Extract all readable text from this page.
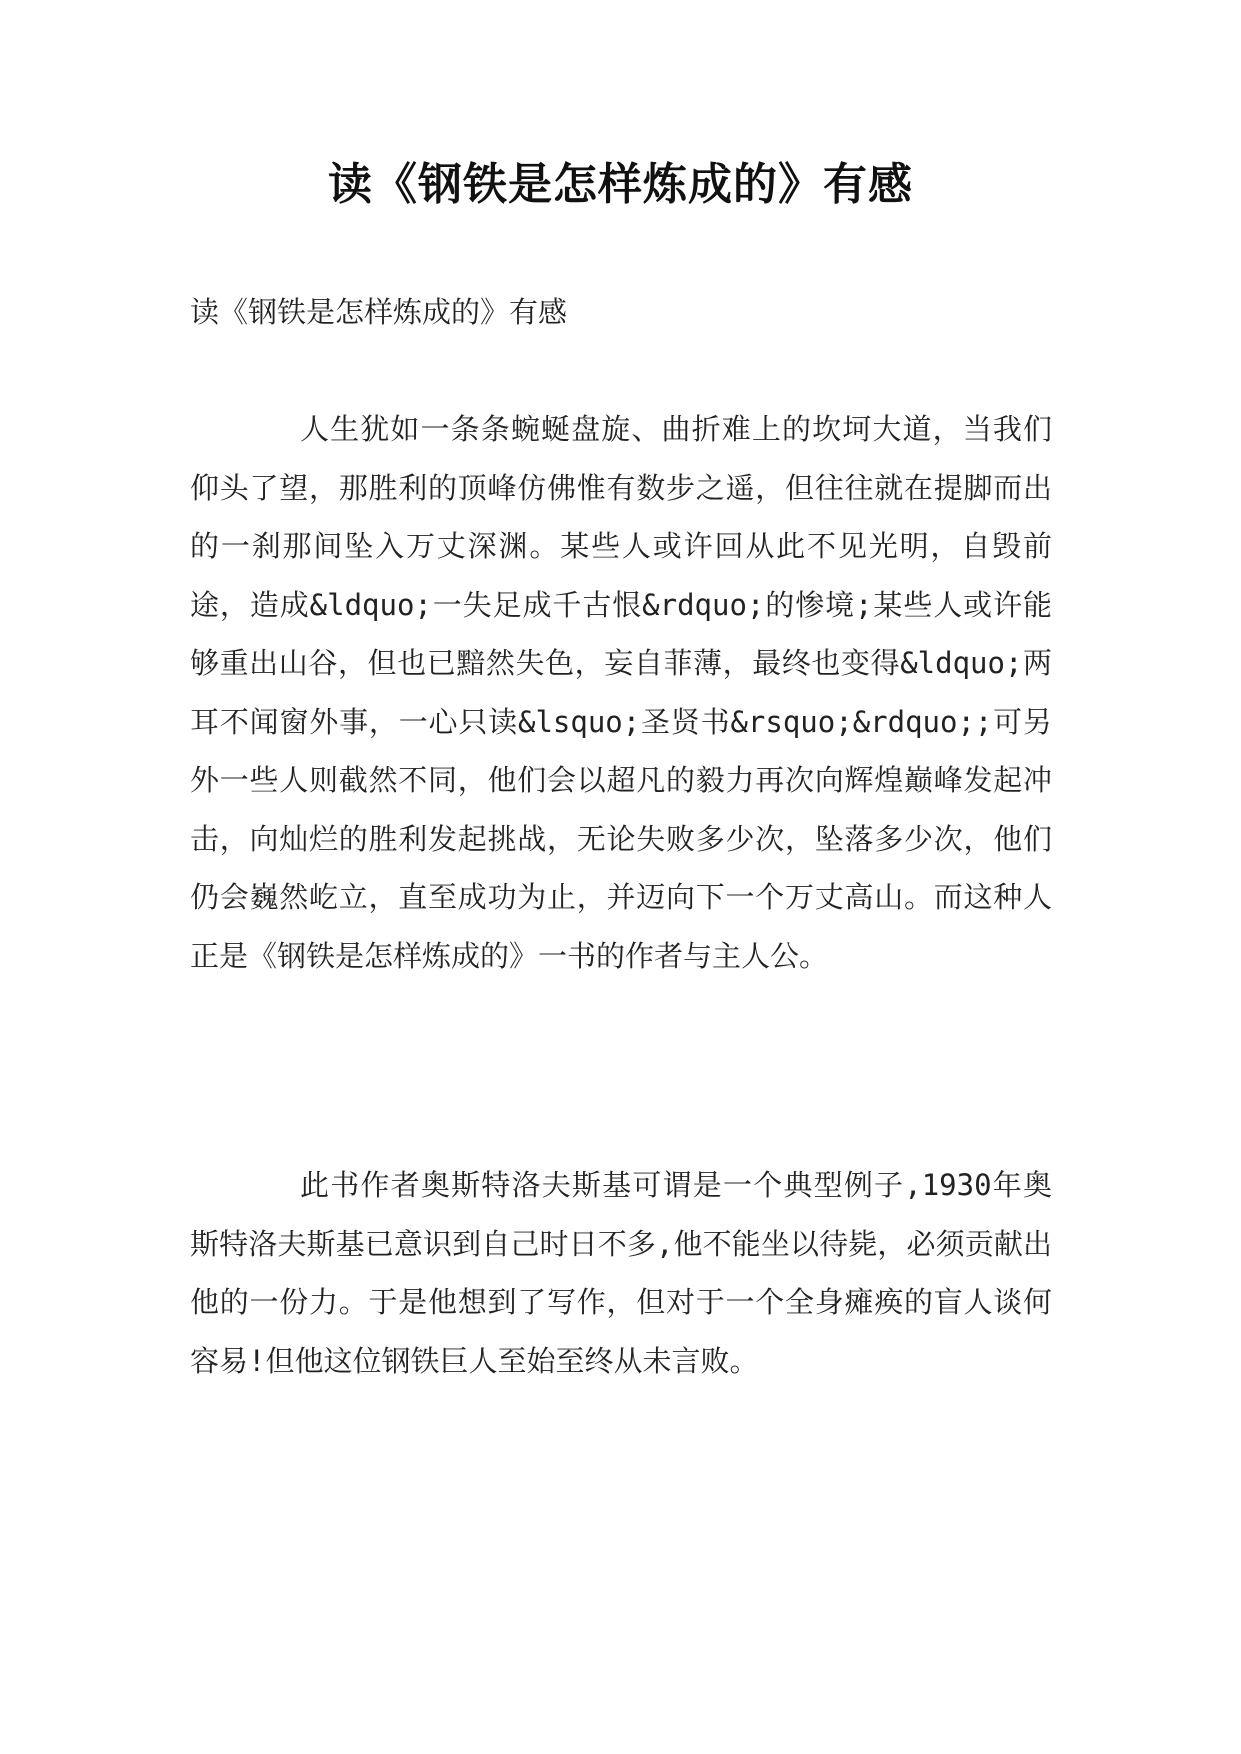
读《钢铁是怎样炼成的》有感
读《钢铁是怎样炼成的》有感

人生犹如一条条蜿蜒盘旋、曲折难上的坎坷大道，当我们仰头了望，那胜利的顶峰仿佛惟有数步之遥，但往往就在提脚而出的一刹那间坠入万丈深渊。某些人或许回从此不见光明，自毁前途，造成&ldquo;一失足成千古恨&rdquo;的惨境;某些人或许能够重出山谷，但也已黯然失色，妄自菲薄，最终也变得&ldquo;两耳不闻窗外事，一心只读&lsquo;圣贤书&rsquo;&rdquo;;可另外一些人则截然不同，他们会以超凡的毅力再次向辉煌巅峰发起冲击，向灿烂的胜利发起挑战，无论失败多少次，坠落多少次，他们仍会巍然屹立，直至成功为止，并迈向下一个万丈高山。而这种人正是《钢铁是怎样炼成的》一书的作者与主人公。

此书作者奥斯特洛夫斯基可谓是一个典型例子,1930年奥斯特洛夫斯基已意识到自己时日不多,他不能坐以待毙，必须贡献出他的一份力。于是他想到了写作，但对于一个全身瘫痪的盲人谈何容易!但他这位钢铁巨人至始至终从未言败。
